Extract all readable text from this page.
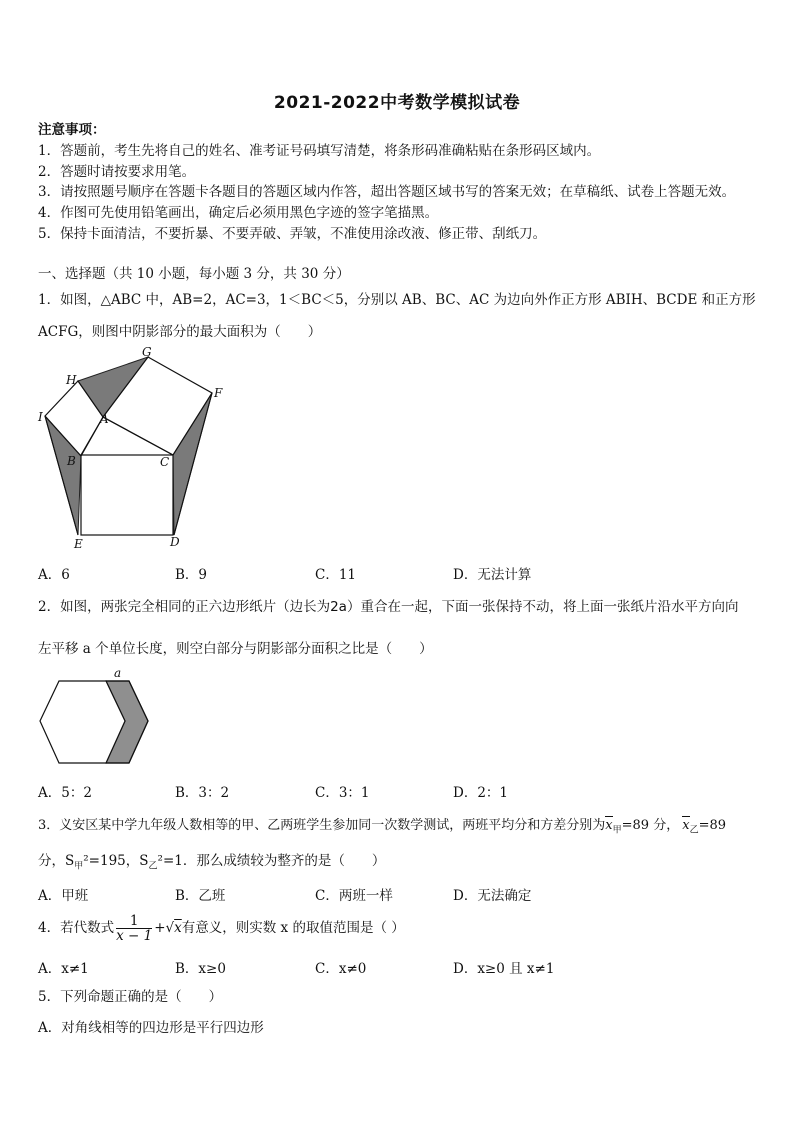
2021-2022中考数学模拟试卷
注意事项：
1．答题前，考生先将自己的姓名、准考证号码填写清楚，将条形码准确粘贴在条形码区域内。
2．答题时请按要求用笔。
3．请按照题号顺序在答题卡各题目的答题区域内作答，超出答题区域书写的答案无效；在草稿纸、试卷上答题无效。
4．作图可先使用铅笔画出，确定后必须用黑色字迹的签字笔描黑。
5．保持卡面清洁，不要折暴、不要弄破、弄皱，不准使用涂改液、修正带、刮纸刀。
一、选择题（共 10 小题，每小题 3 分，共 30 分）
1．如图，△ABC 中，AB=2，AC=3，1＜BC＜5，分别以 AB、BC、AC 为边向外作正方形 ABIH、BCDE 和正方形
ACFG，则图中阴影部分的最大面积为（　　）
G
H
F
I	A
B	C
E	D
A．6	B．9	C．11	D．无法计算
2．如图，两张完全相同的正六边形纸片（边长为2a）重合在一起，下面一张保持不动，将上面一张纸片沿水平方向向
左平移 a 个单位长度，则空白部分与阴影部分面积之比是（　　）
a
A．5：2	B．3：2	C．3：1	D．2：1
3．义安区某中学九年级人数相等的甲、乙两班学生参加同一次数学测试，两班平均分和方差分别为$x_甲=89$ 分， $x_乙=89$
分，$S_甲^2=195$，$S_乙^2=1$．那么成绩较为整齐的是（　　）
A．甲班	B．乙班	C．两班一样	D．无法确定
4．若代数式 $\frac{1}{x - 1} +√x$有意义，则实数 x 的取值范围是（ ）
A．x≠1	B．x≥0	C．x≠0	D．x≥0 且 x≠1
5．下列命题正确的是（　　）
A．对角线相等的四边形是平行四边形
